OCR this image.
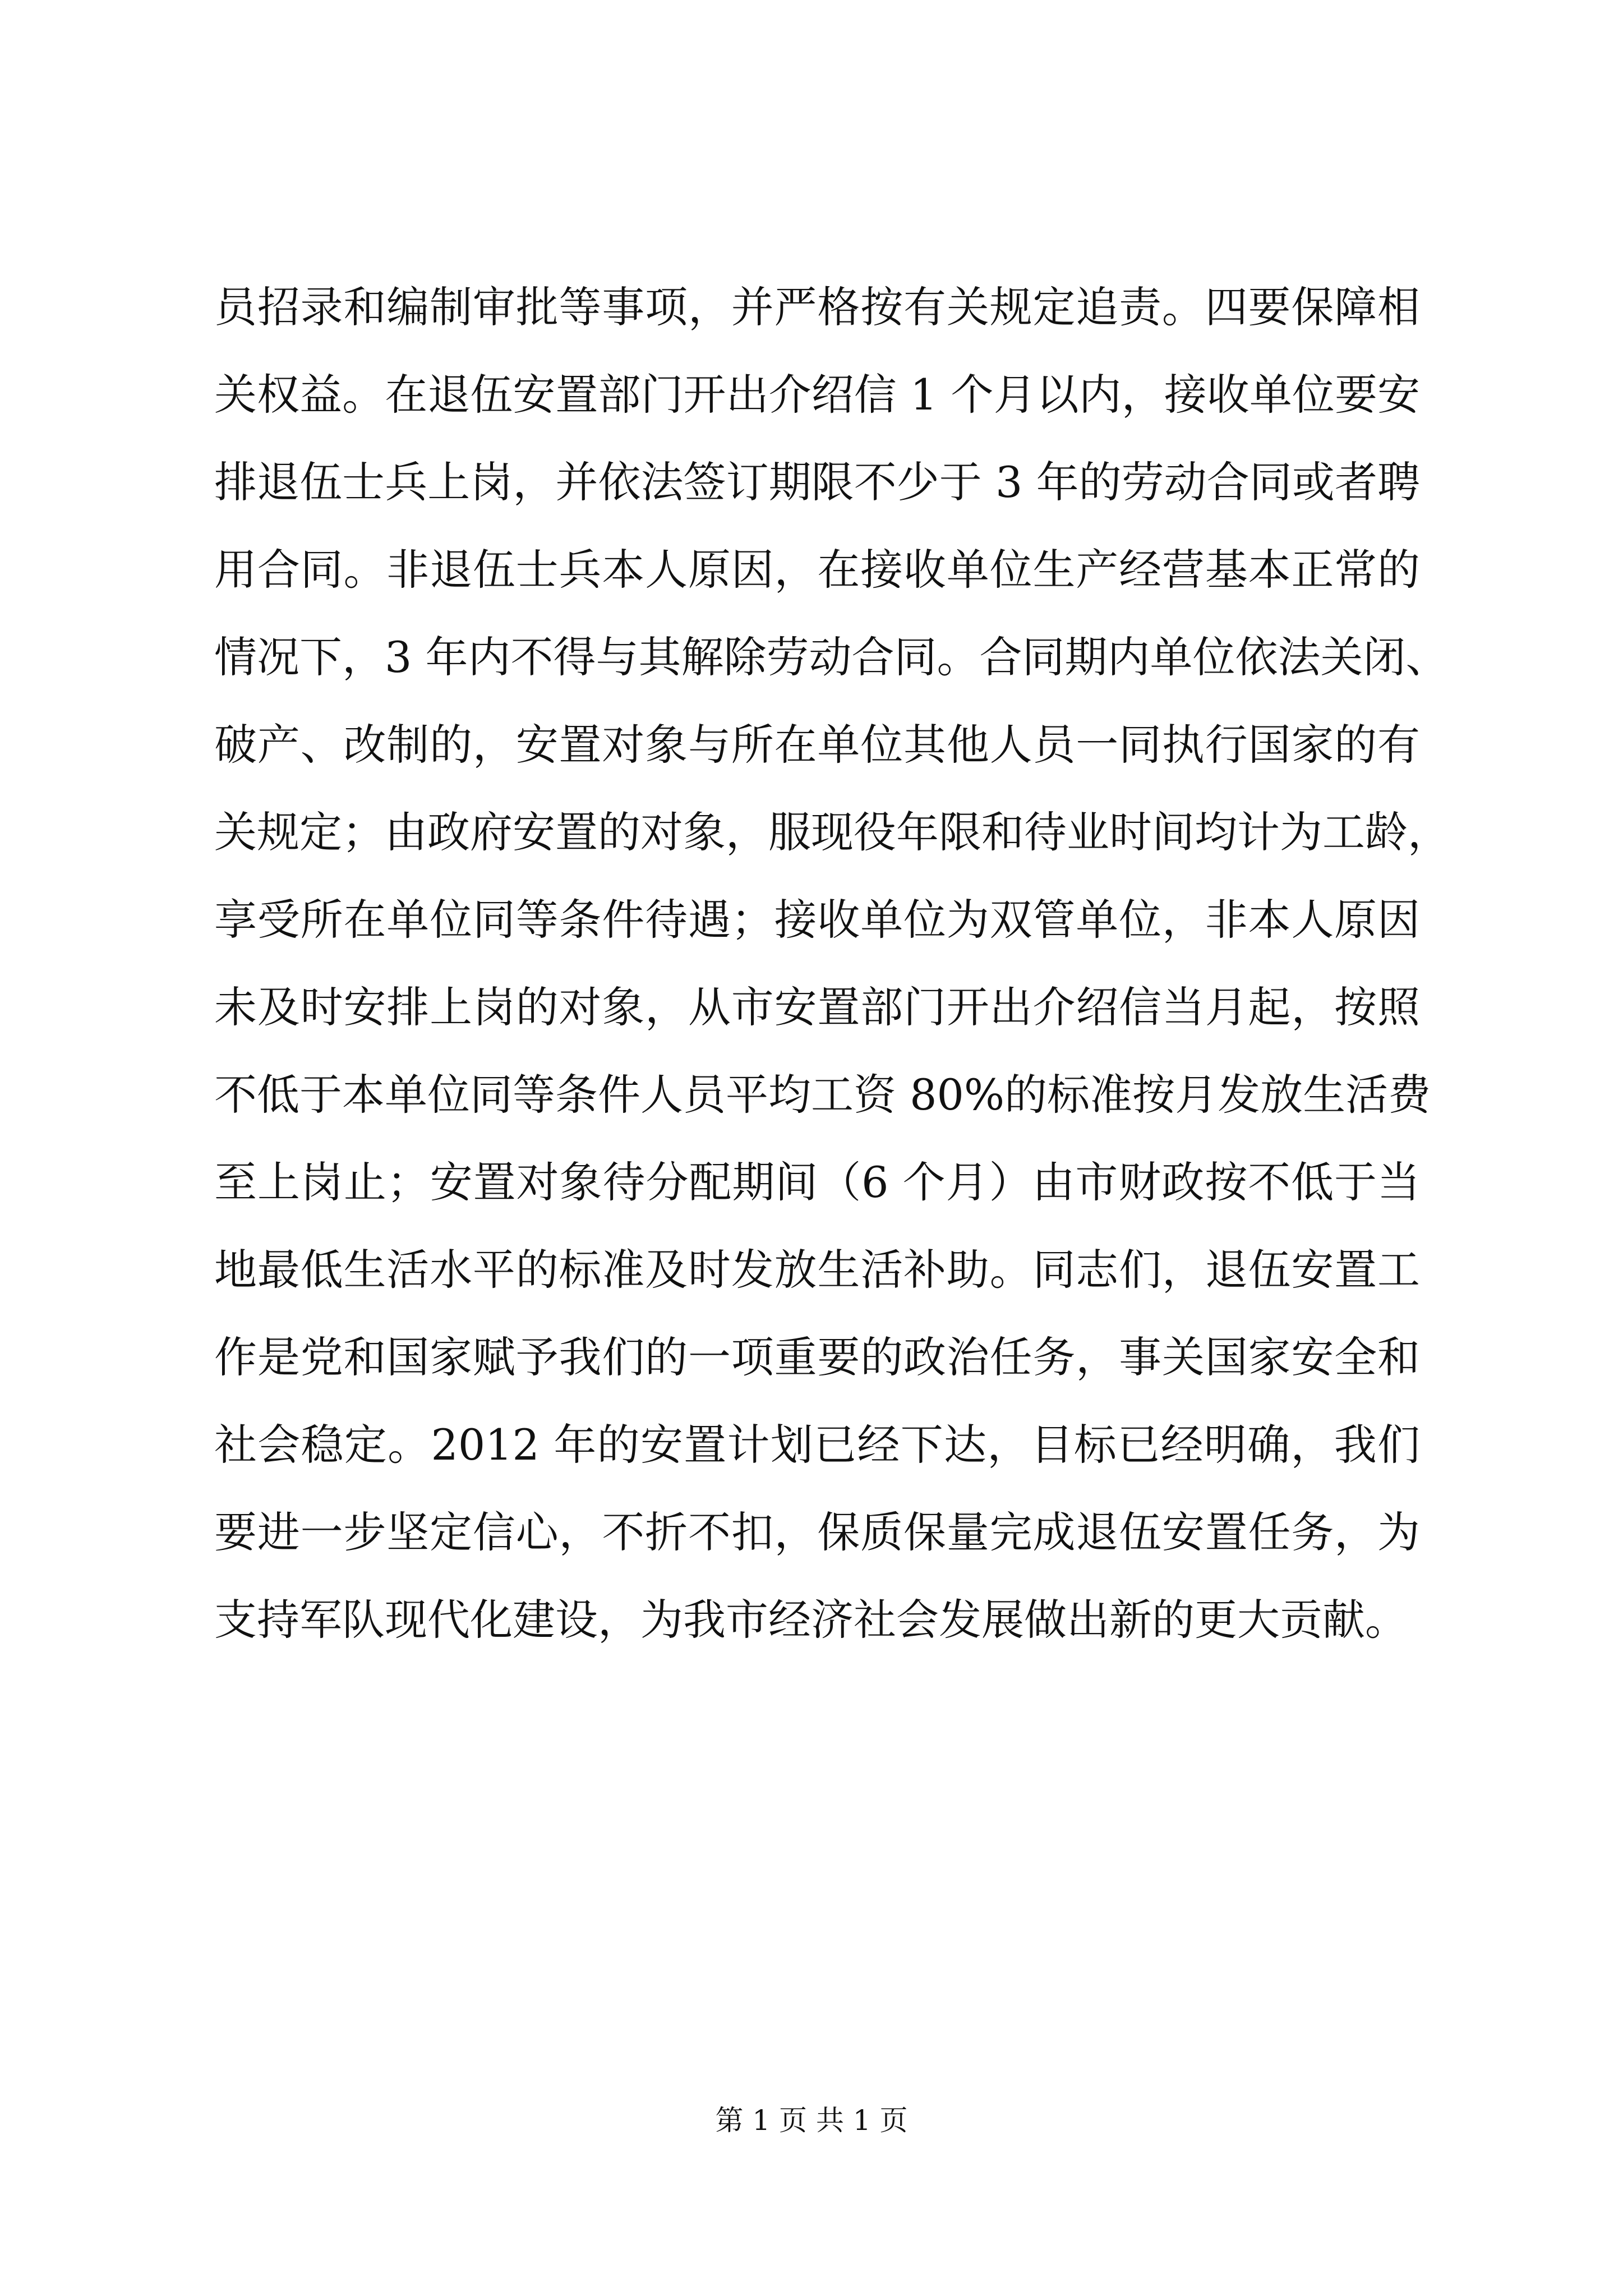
员招录和编制审批等事项，并严格按有关规定追责。四要保障相
关权益。在退伍安置部门开出介绍信 1 个月以内，接收单位要安
排退伍士兵上岗，并依法签订期限不少于 3 年的劳动合同或者聘
用合同。非退伍士兵本人原因，在接收单位生产经营基本正常的
情况下，3 年内不得与其解除劳动合同。合同期内单位依法关闭、
破产、改制的，安置对象与所在单位其他人员一同执行国家的有
关规定；由政府安置的对象，服现役年限和待业时间均计为工龄，
享受所在单位同等条件待遇；接收单位为双管单位，非本人原因
未及时安排上岗的对象，从市安置部门开出介绍信当月起，按照
不低于本单位同等条件人员平均工资 80%的标准按月发放生活费
至上岗止；安置对象待分配期间（6 个月）由市财政按不低于当
地最低生活水平的标准及时发放生活补助。同志们，退伍安置工
作是党和国家赋予我们的一项重要的政治任务，事关国家安全和
社会稳定。2012 年的安置计划已经下达，目标已经明确，我们
要进一步坚定信心，不折不扣，保质保量完成退伍安置任务，为
支持军队现代化建设，为我市经济社会发展做出新的更大贡献。
第 1 页 共 1 页
